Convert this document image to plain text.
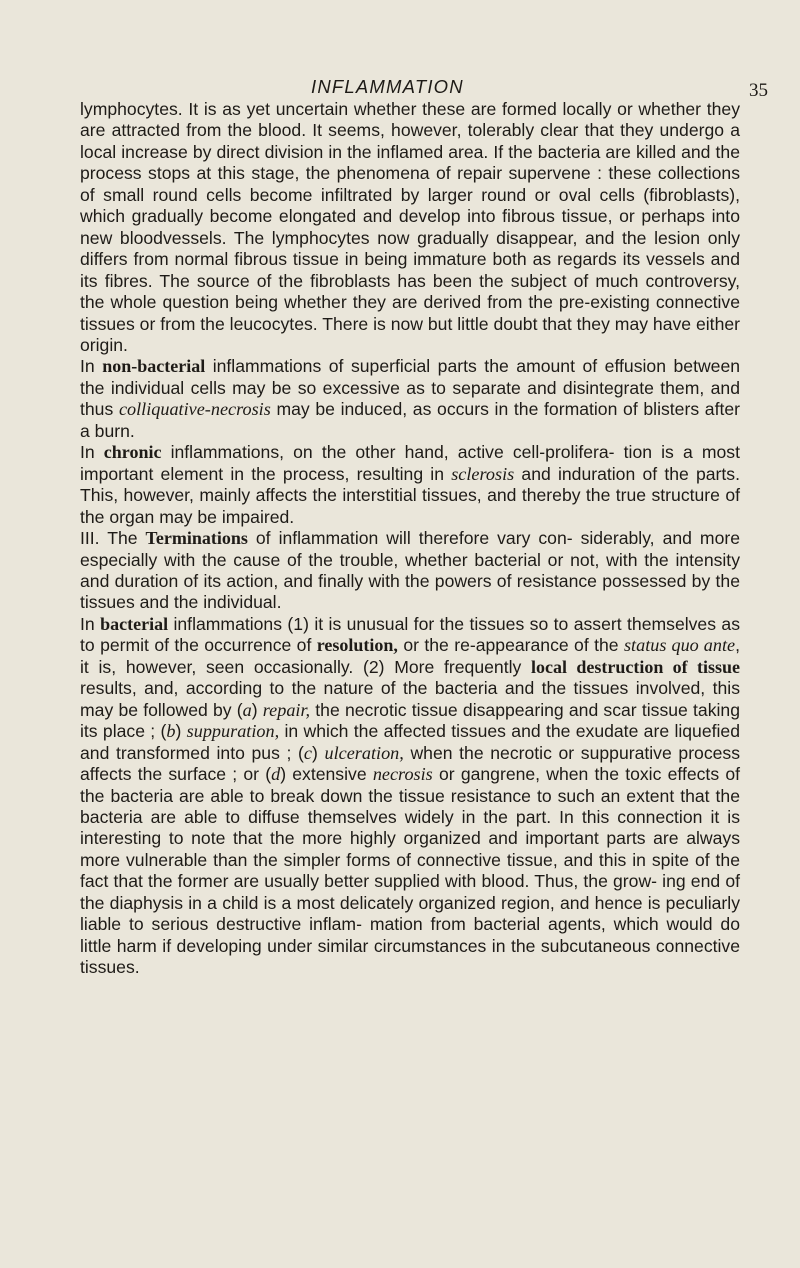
INFLAMMATION	35

lymphocytes. It is as yet uncertain whether these are formed locally or whether they are attracted from the blood. It seems, however, tolerably clear that they undergo a local increase by direct division in the inflamed area. If the bacteria are killed and the process stops at this stage, the phenomena of repair supervene : these collections of small round cells become infiltrated by larger round or oval cells (fibroblasts), which gradually become elongated and develop into fibrous tissue, or perhaps into new bloodvessels. The lymphocytes now gradually disappear, and the lesion only differs from normal fibrous tissue in being immature both as regards its vessels and its fibres. The source of the fibroblasts has been the subject of much controversy, the whole question being whether they are derived from the pre-existing connective tissues or from the leucocytes. There is now but little doubt that they may have either origin.

In non-bacterial inflammations of superficial parts the amount of effusion between the individual cells may be so excessive as to separate and disintegrate them, and thus colliquative-necrosis may be induced, as occurs in the formation of blisters after a burn.

In chronic inflammations, on the other hand, active cell-prolifera- tion is a most important element in the process, resulting in sclerosis and induration of the parts. This, however, mainly affects the interstitial tissues, and thereby the true structure of the organ may be impaired.

III. The Terminations of inflammation will therefore vary con- siderably, and more especially with the cause of the trouble, whether bacterial or not, with the intensity and duration of its action, and finally with the powers of resistance possessed by the tissues and the individual.

In bacterial inflammations (1) it is unusual for the tissues so to assert themselves as to permit of the occurrence of resolution, or the re-appearance of the status quo ante, it is, however, seen occasionally. (2) More frequently local destruction of tissue results, and, according to the nature of the bacteria and the tissues involved, this may be followed by (a) repair, the necrotic tissue disappearing and scar tissue taking its place ; (b) suppuration, in which the affected tissues and the exudate are liquefied and transformed into pus ; (c) ulceration, when the necrotic or suppurative process affects the surface ; or (d) extensive necrosis or gangrene, when the toxic effects of the bacteria are able to break down the tissue resistance to such an extent that the bacteria are able to diffuse themselves widely in the part. In this connection it is interesting to note that the more highly organized and important parts are always more vulnerable than the simpler forms of connective tissue, and this in spite of the fact that the former are usually better supplied with blood. Thus, the grow- ing end of the diaphysis in a child is a most delicately organized region, and hence is peculiarly liable to serious destructive inflam- mation from bacterial agents, which would do little harm if developing under similar circumstances in the subcutaneous connective tissues.
